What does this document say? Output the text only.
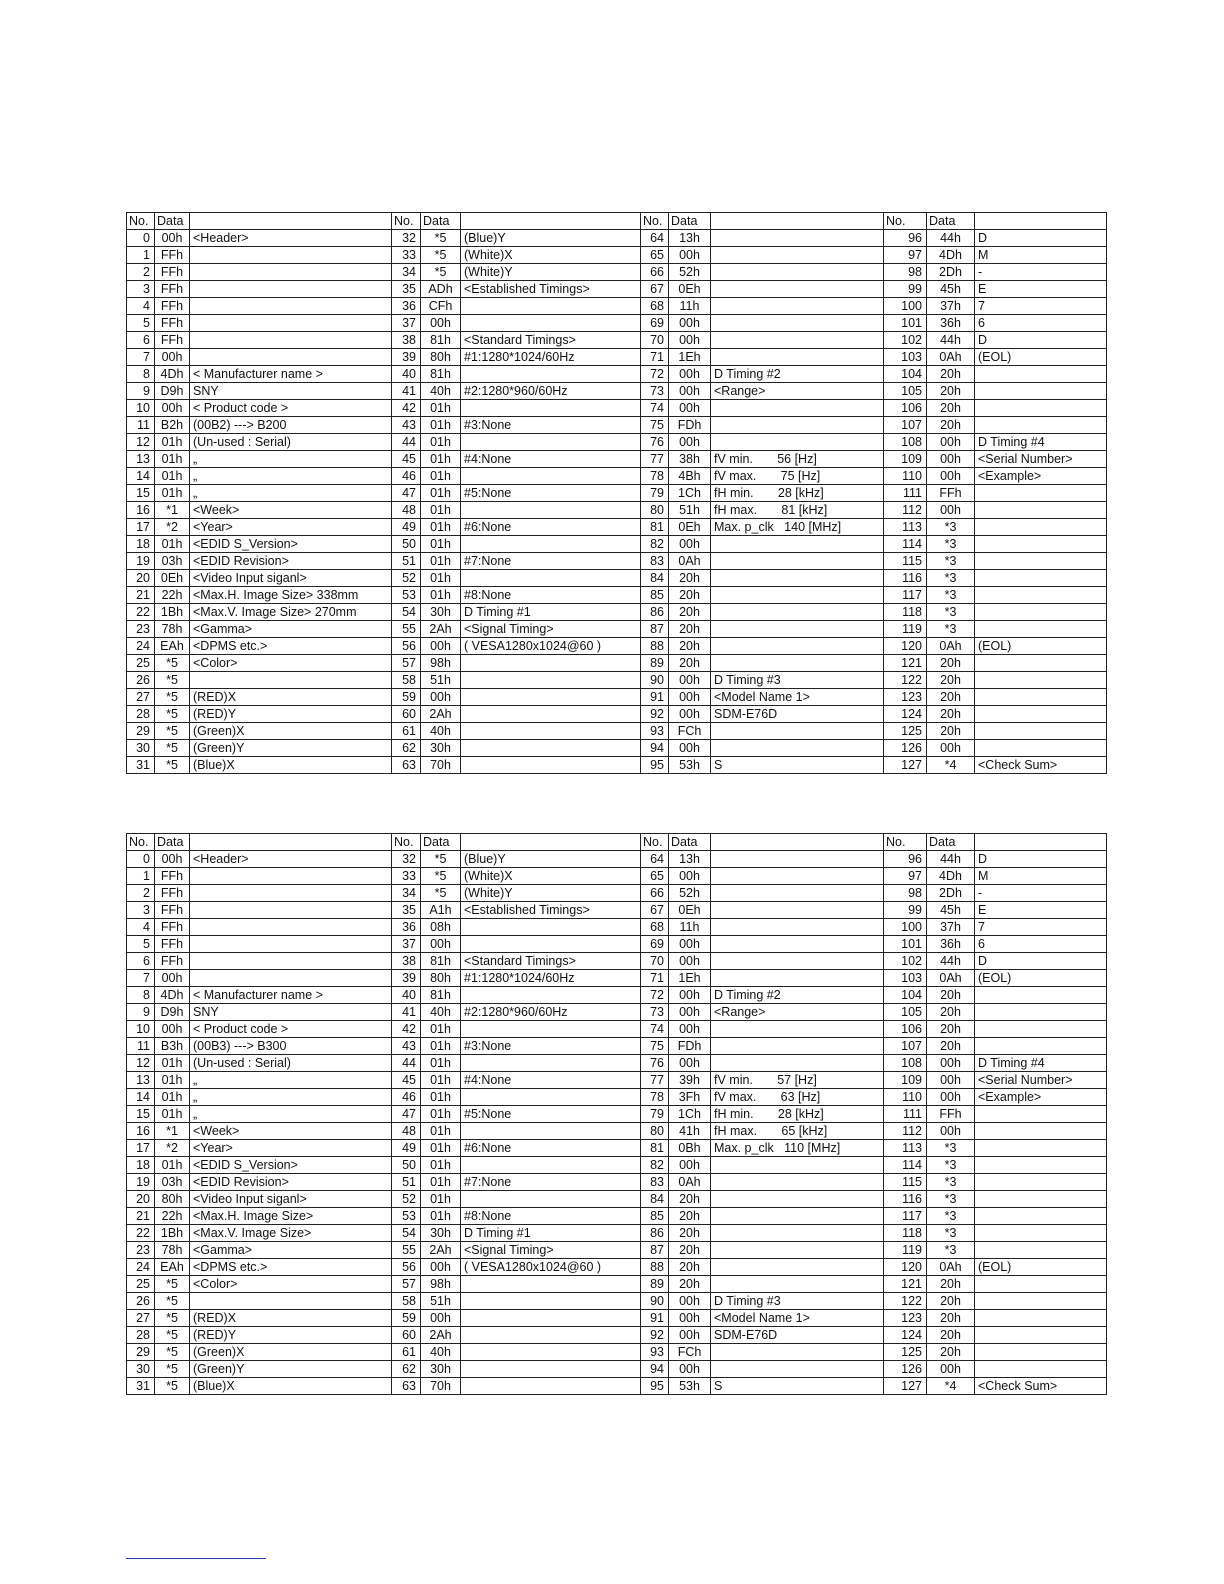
No.	Data		No.	Data		No.	Data		No.	Data	
0	00h	<Header>	32	*5	(Blue)Y	64	13h		96	44h	D
1	FFh		33	*5	(White)X	65	00h		97	4Dh	M
2	FFh		34	*5	(White)Y	66	52h		98	2Dh	-
3	FFh		35	ADh	<Established Timings>	67	0Eh		99	45h	E
4	FFh		36	CFh		68	11h		100	37h	7
5	FFh		37	00h		69	00h		101	36h	6
6	FFh		38	81h	<Standard Timings>	70	00h		102	44h	D
7	00h		39	80h	#1:1280*1024/60Hz	71	1Eh		103	0Ah	(EOL)
8	4Dh	< Manufacturer name >	40	81h		72	00h	D Timing #2	104	20h	
9	D9h	SNY	41	40h	#2:1280*960/60Hz	73	00h	<Range>	105	20h	
10	00h	< Product code >	42	01h		74	00h		106	20h	
11	B2h	(00B2) ---> B200	43	01h	#3:None	75	FDh		107	20h	
12	01h	(Un-used : Serial)	44	01h		76	00h		108	00h	D Timing #4
13	01h	„	45	01h	#4:None	77	38h	fV min.       56 [Hz]	109	00h	<Serial Number>
14	01h	„	46	01h		78	4Bh	fV max.       75 [Hz]	110	00h	<Example>
15	01h	„	47	01h	#5:None	79	1Ch	fH min.       28 [kHz]	111	FFh	
16	*1	<Week>	48	01h		80	51h	fH max.       81 [kHz]	112	00h	
17	*2	<Year>	49	01h	#6:None	81	0Eh	Max. p_clk   140 [MHz]	113	*3	
18	01h	<EDID S_Version>	50	01h		82	00h		114	*3	
19	03h	<EDID Revision>	51	01h	#7:None	83	0Ah		115	*3	
20	0Eh	<Video Input siganl>	52	01h		84	20h		116	*3	
21	22h	<Max.H. Image Size> 338mm	53	01h	#8:None	85	20h		117	*3	
22	1Bh	<Max.V. Image Size> 270mm	54	30h	D Timing #1	86	20h		118	*3	
23	78h	<Gamma>	55	2Ah	<Signal Timing>	87	20h		119	*3	
24	EAh	<DPMS etc.>	56	00h	( VESA1280x1024@60 )	88	20h		120	0Ah	(EOL)
25	*5	<Color>	57	98h		89	20h		121	20h	
26	*5		58	51h		90	00h	D Timing #3	122	20h	
27	*5	(RED)X	59	00h		91	00h	<Model Name 1>	123	20h	
28	*5	(RED)Y	60	2Ah		92	00h	SDM-E76D	124	20h	
29	*5	(Green)X	61	40h		93	FCh		125	20h	
30	*5	(Green)Y	62	30h		94	00h		126	00h	
31	*5	(Blue)X	63	70h		95	53h	S	127	*4	<Check Sum>
No.	Data		No.	Data		No.	Data		No.	Data	
0	00h	<Header>	32	*5	(Blue)Y	64	13h		96	44h	D
1	FFh		33	*5	(White)X	65	00h		97	4Dh	M
2	FFh		34	*5	(White)Y	66	52h		98	2Dh	-
3	FFh		35	A1h	<Established Timings>	67	0Eh		99	45h	E
4	FFh		36	08h		68	11h		100	37h	7
5	FFh		37	00h		69	00h		101	36h	6
6	FFh		38	81h	<Standard Timings>	70	00h		102	44h	D
7	00h		39	80h	#1:1280*1024/60Hz	71	1Eh		103	0Ah	(EOL)
8	4Dh	< Manufacturer name >	40	81h		72	00h	D Timing #2	104	20h	
9	D9h	SNY	41	40h	#2:1280*960/60Hz	73	00h	<Range>	105	20h	
10	00h	< Product code >	42	01h		74	00h		106	20h	
11	B3h	(00B3) ---> B300	43	01h	#3:None	75	FDh		107	20h	
12	01h	(Un-used : Serial)	44	01h		76	00h		108	00h	D Timing #4
13	01h	„	45	01h	#4:None	77	39h	fV min.       57 [Hz]	109	00h	<Serial Number>
14	01h	„	46	01h		78	3Fh	fV max.       63 [Hz]	110	00h	<Example>
15	01h	„	47	01h	#5:None	79	1Ch	fH min.       28 [kHz]	111	FFh	
16	*1	<Week>	48	01h		80	41h	fH max.       65 [kHz]	112	00h	
17	*2	<Year>	49	01h	#6:None	81	0Bh	Max. p_clk   110 [MHz]	113	*3	
18	01h	<EDID S_Version>	50	01h		82	00h		114	*3	
19	03h	<EDID Revision>	51	01h	#7:None	83	0Ah		115	*3	
20	80h	<Video Input siganl>	52	01h		84	20h		116	*3	
21	22h	<Max.H. Image Size>	53	01h	#8:None	85	20h		117	*3	
22	1Bh	<Max.V. Image Size>	54	30h	D Timing #1	86	20h		118	*3	
23	78h	<Gamma>	55	2Ah	<Signal Timing>	87	20h		119	*3	
24	EAh	<DPMS etc.>	56	00h	( VESA1280x1024@60 )	88	20h		120	0Ah	(EOL)
25	*5	<Color>	57	98h		89	20h		121	20h	
26	*5		58	51h		90	00h	D Timing #3	122	20h	
27	*5	(RED)X	59	00h		91	00h	<Model Name 1>	123	20h	
28	*5	(RED)Y	60	2Ah		92	00h	SDM-E76D	124	20h	
29	*5	(Green)X	61	40h		93	FCh		125	20h	
30	*5	(Green)Y	62	30h		94	00h		126	00h	
31	*5	(Blue)X	63	70h		95	53h	S	127	*4	<Check Sum>
